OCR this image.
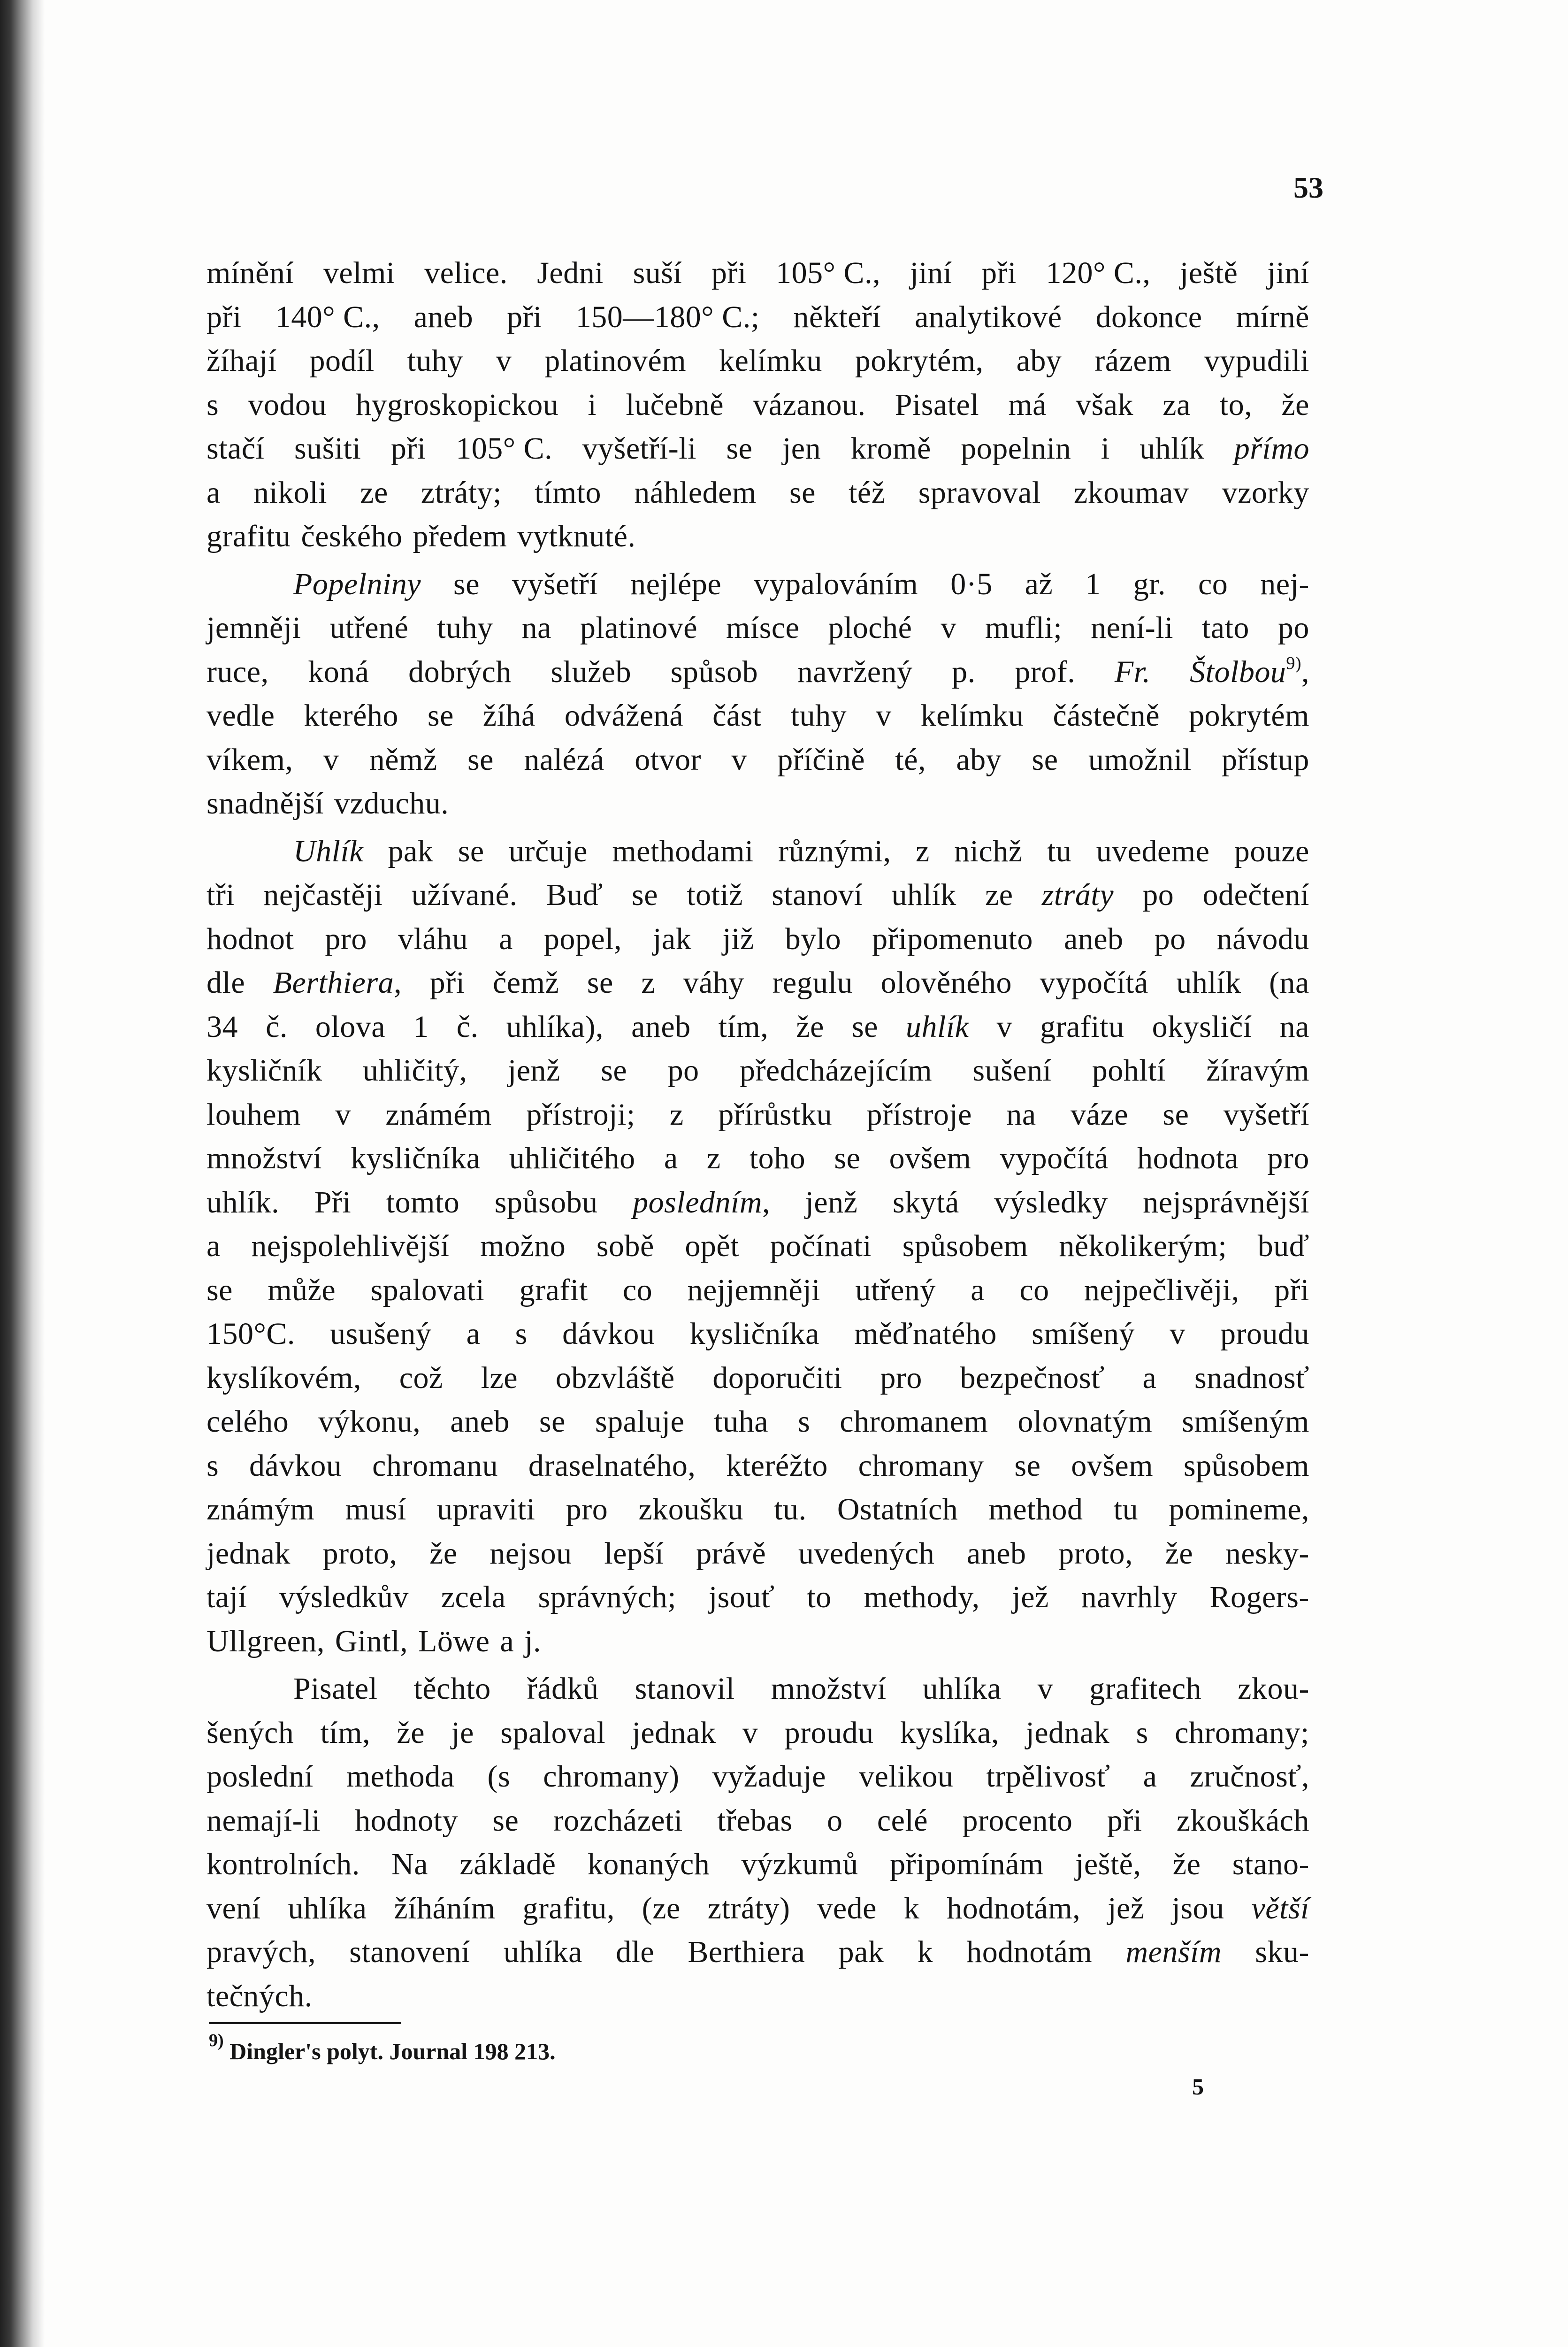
53
mínění velmi velice. Jedni suší při 105° C., jiní při 120° C., ještě jiní
při 140° C., aneb při 150—180° C.; někteří analytikové dokonce mírně
žíhají podíl tuhy v platinovém kelímku pokrytém, aby rázem vypudili
s vodou hygroskopickou i lučebně vázanou. Pisatel má však za to, že
stačí sušiti při 105° C. vyšetří-li se jen kromě popelnin i uhlík přímo
a nikoli ze ztráty; tímto náhledem se též spravoval zkoumav vzorky
grafitu českého předem vytknuté.
Popelniny se vyšetří nejlépe vypalováním 0·5 až 1 gr. co nej-
jemněji utřené tuhy na platinové mísce ploché v mufli; není-li tato po
ruce, koná dobrých služeb spůsob navržený p. prof. Fr. Štolbou$^{9)}$,
vedle kterého se žíhá odvážená část tuhy v kelímku částečně pokrytém
víkem, v němž se nalézá otvor v příčině té, aby se umožnil přístup
snadnější vzduchu.
Uhlík pak se určuje methodami různými, z nichž tu uvedeme pouze
tři nejčastěji užívané. Buď se totiž stanoví uhlík ze ztráty po odečtení
hodnot pro vláhu a popel, jak již bylo připomenuto aneb po návodu
dle Berthiera, při čemž se z váhy regulu olověného vypočítá uhlík (na
34 č. olova 1 č. uhlíka), aneb tím, že se uhlík v grafitu okysličí na
kysličník uhličitý, jenž se po předcházejícím sušení pohltí žíravým
louhem v známém přístroji; z přírůstku přístroje na váze se vyšetří
množství kysličníka uhličitého a z toho se ovšem vypočítá hodnota pro
uhlík. Při tomto spůsobu posledním, jenž skytá výsledky nejsprávnější
a nejspolehlivější možno sobě opět počínati spůsobem několikerým; buď
se může spalovati grafit co nejjemněji utřený a co nejpečlivěji, při
150°C. usušený a s dávkou kysličníka měďnatého smíšený v proudu
kyslíkovém, což lze obzvláště doporučiti pro bezpečnosť a snadnosť
celého výkonu, aneb se spaluje tuha s chromanem olovnatým smíšeným
s dávkou chromanu draselnatého, kteréžto chromany se ovšem spůsobem
známým musí upraviti pro zkoušku tu. Ostatních method tu pomineme,
jednak proto, že nejsou lepší právě uvedených aneb proto, že nesky-
tají výsledkův zcela správných; jsouť to methody, jež navrhly Rogers-
Ullgreen, Gintl, Löwe a j.
Pisatel těchto řádků stanovil množství uhlíka v grafitech zkou-
šených tím, že je spaloval jednak v proudu kyslíka, jednak s chromany;
poslední methoda (s chromany) vyžaduje velikou trpělivosť a zručnosť,
nemají-li hodnoty se rozcházeti třebas o celé procento při zkouškách
kontrolních. Na základě konaných výzkumů připomínám ještě, že stano-
vení uhlíka žíháním grafitu, (ze ztráty) vede k hodnotám, jež jsou větší
pravých, stanovení uhlíka dle Berthiera pak k hodnotám menším sku-
tečných.
$^{9)}$ Dingler's polyt. Journal 198 213.
5
